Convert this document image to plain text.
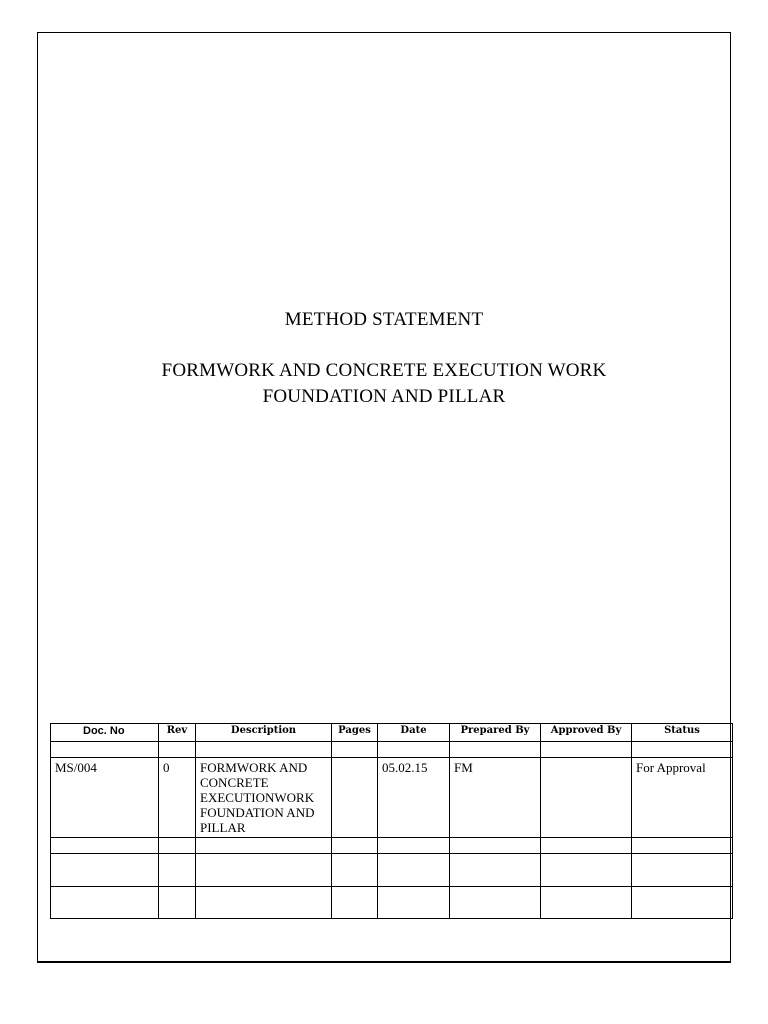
METHOD STATEMENT
FORMWORK AND CONCRETE EXECUTION WORK
FOUNDATION AND PILLAR
Doc. No	Rev	Description	Pages	Date	Prepared By	Approved By	Status

MS/004	0	FORMWORK AND
CONCRETE
EXECUTIONWORK
FOUNDATION AND
PILLAR		05.02.15	FM		For Approval
